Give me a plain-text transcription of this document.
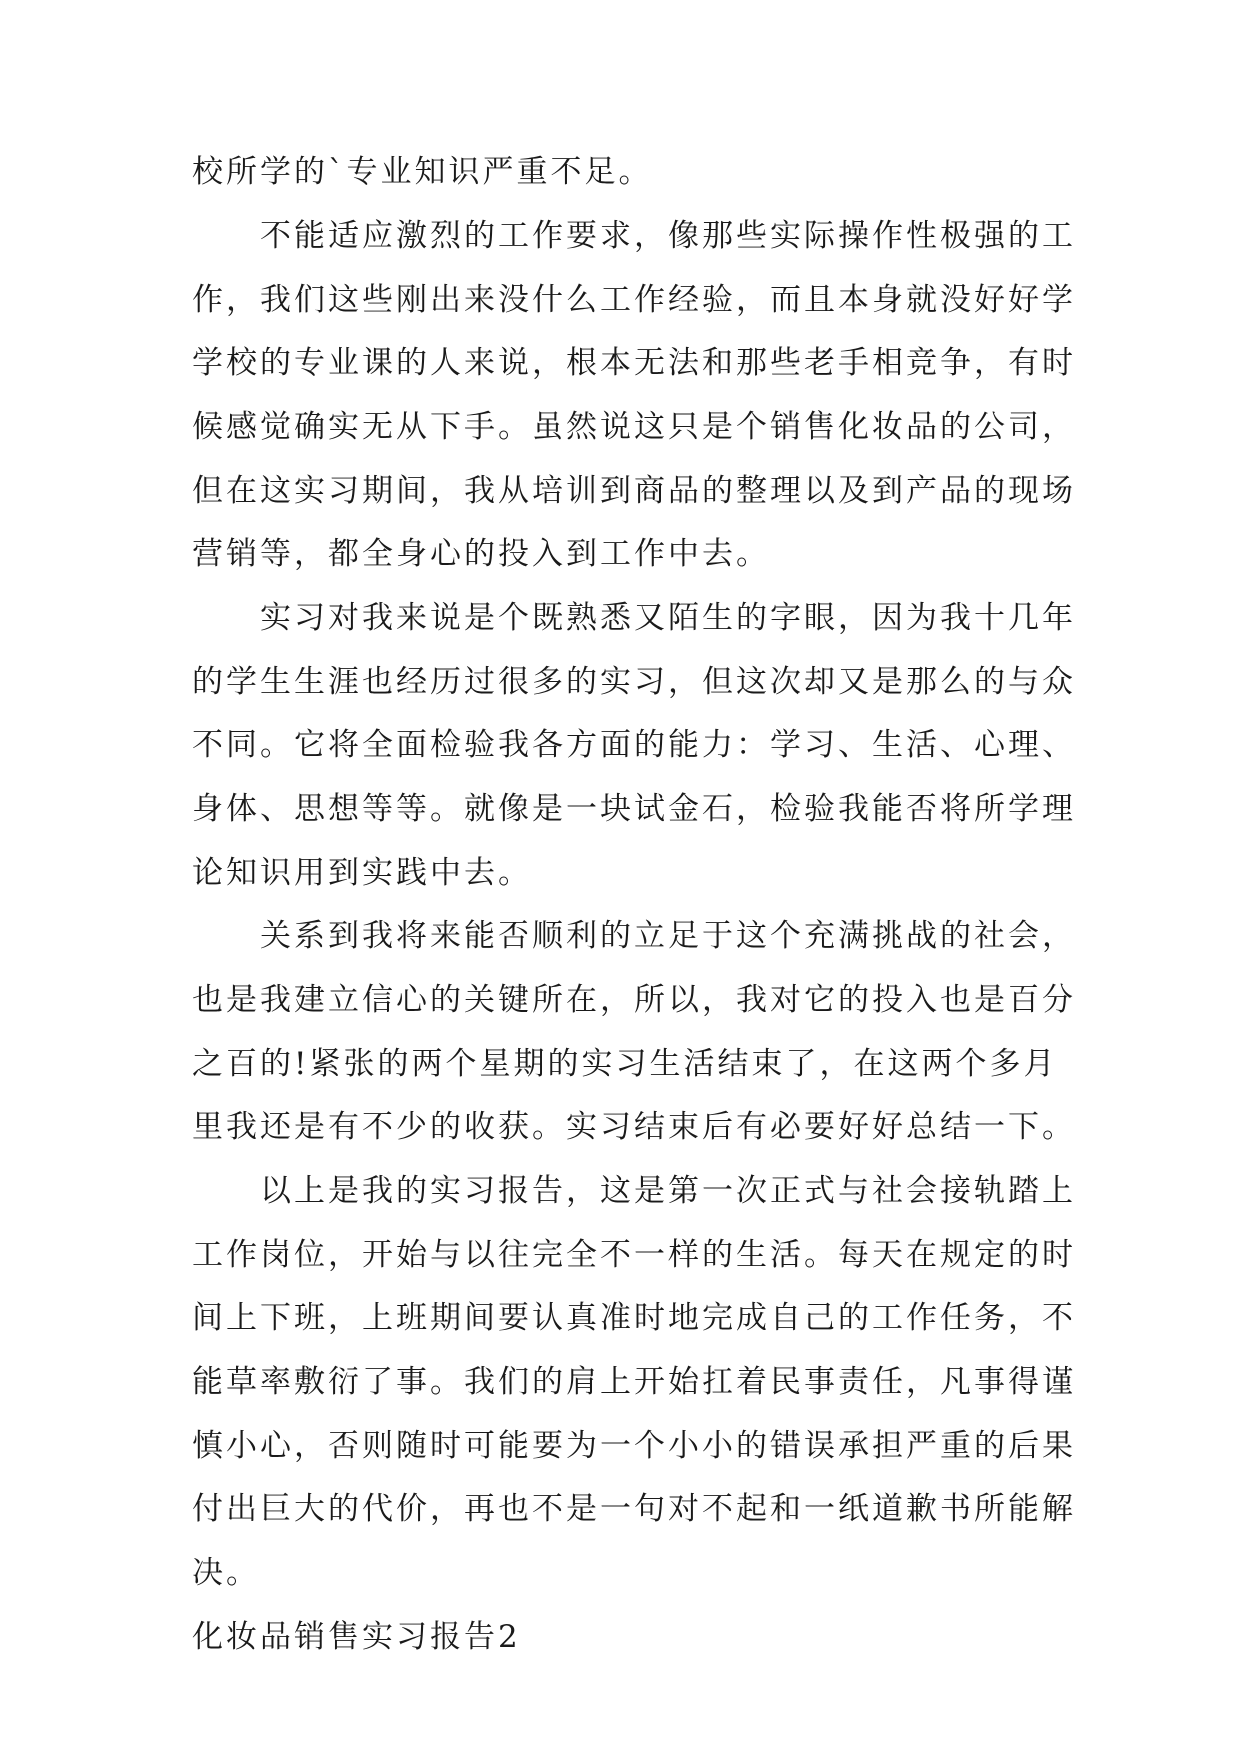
校所学的`专业知识严重不足。
　　不能适应激烈的工作要求，像那些实际操作性极强的工
作，我们这些刚出来没什么工作经验，而且本身就没好好学
学校的专业课的人来说，根本无法和那些老手相竞争，有时
候感觉确实无从下手。虽然说这只是个销售化妆品的公司，
但在这实习期间，我从培训到商品的整理以及到产品的现场
营销等，都全身心的投入到工作中去。
　　实习对我来说是个既熟悉又陌生的字眼，因为我十几年
的学生生涯也经历过很多的实习，但这次却又是那么的与众
不同。它将全面检验我各方面的能力：学习、生活、心理、
身体、思想等等。就像是一块试金石，检验我能否将所学理
论知识用到实践中去。
　　关系到我将来能否顺利的立足于这个充满挑战的社会，
也是我建立信心的关键所在，所以，我对它的投入也是百分
之百的!紧张的两个星期的实习生活结束了，在这两个多月
里我还是有不少的收获。实习结束后有必要好好总结一下。
　　以上是我的实习报告，这是第一次正式与社会接轨踏上
工作岗位，开始与以往完全不一样的生活。每天在规定的时
间上下班，上班期间要认真准时地完成自己的工作任务，不
能草率敷衍了事。我们的肩上开始扛着民事责任，凡事得谨
慎小心，否则随时可能要为一个小小的错误承担严重的后果
付出巨大的代价，再也不是一句对不起和一纸道歉书所能解
决。
化妆品销售实习报告2
